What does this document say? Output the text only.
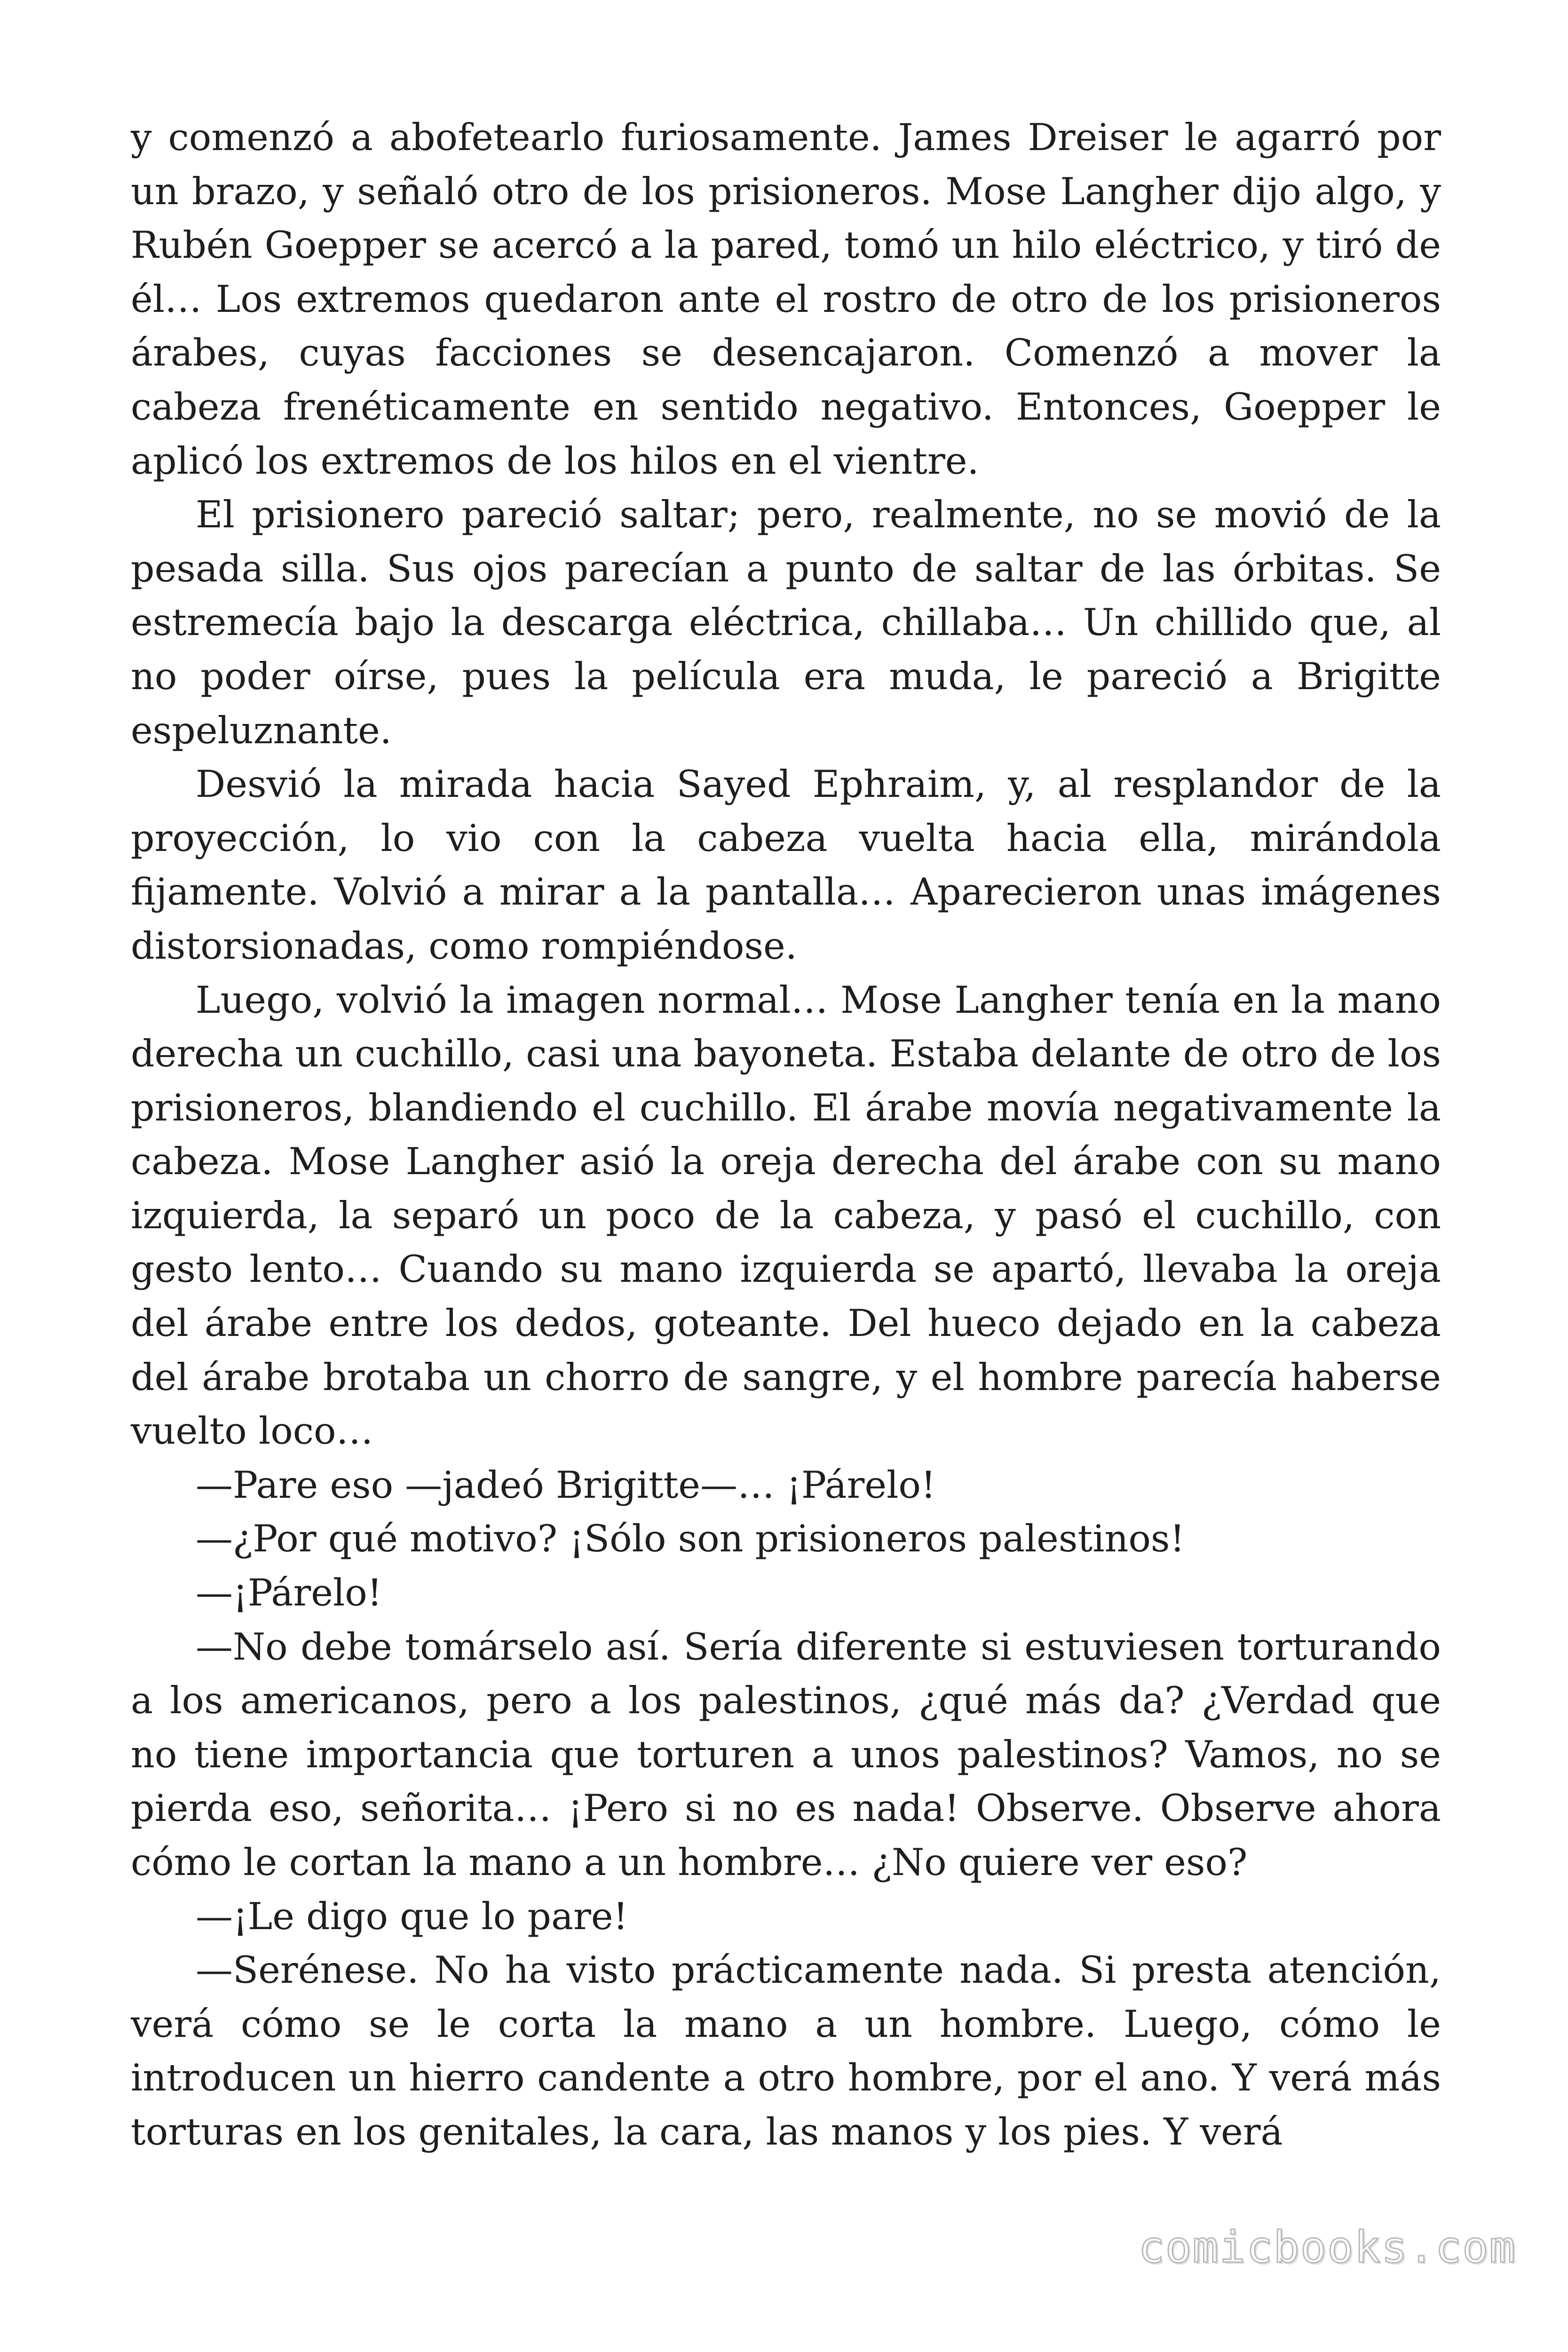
y comenzó a abofetearlo furiosamente. James Dreiser le agarró por un brazo, y señaló otro de los prisioneros. Mose Langher dijo algo, y Rubén Goepper se acercó a la pared, tomó un hilo eléctrico, y tiró de él… Los extremos quedaron ante el rostro de otro de los prisioneros árabes, cuyas facciones se desencajaron. Comenzó a mover la cabeza frenéticamente en sentido negativo. Entonces, Goepper le aplicó los extremos de los hilos en el vientre.

El prisionero pareció saltar; pero, realmente, no se movió de la pesada silla. Sus ojos parecían a punto de saltar de las órbitas. Se estremecía bajo la descarga eléctrica, chillaba… Un chillido que, al no poder oírse, pues la película era muda, le pareció a Brigitte espeluznante.

Desvió la mirada hacia Sayed Ephraim, y, al resplandor de la proyección, lo vio con la cabeza vuelta hacia ella, mirándola fijamente. Volvió a mirar a la pantalla… Aparecieron unas imágenes distorsionadas, como rompiéndose.

Luego, volvió la imagen normal… Mose Langher tenía en la mano derecha un cuchillo, casi una bayoneta. Estaba delante de otro de los prisioneros, blandiendo el cuchillo. El árabe movía negativamente la cabeza. Mose Langher asió la oreja derecha del árabe con su mano izquierda, la separó un poco de la cabeza, y pasó el cuchillo, con gesto lento… Cuando su mano izquierda se apartó, llevaba la oreja del árabe entre los dedos, goteante. Del hueco dejado en la cabeza del árabe brotaba un chorro de sangre, y el hombre parecía haberse vuelto loco…

—Pare eso —jadeó Brigitte—… ¡Párelo!

—¿Por qué motivo? ¡Sólo son prisioneros palestinos!

—¡Párelo!

—No debe tomárselo así. Sería diferente si estuviesen torturando a los americanos, pero a los palestinos, ¿qué más da? ¿Verdad que no tiene importancia que torturen a unos palestinos? Vamos, no se pierda eso, señorita… ¡Pero si no es nada! Observe. Observe ahora cómo le cortan la mano a un hombre… ¿No quiere ver eso?

—¡Le digo que lo pare!

—Serénese. No ha visto prácticamente nada. Si presta atención, verá cómo se le corta la mano a un hombre. Luego, cómo le introducen un hierro candente a otro hombre, por el ano. Y verá más torturas en los genitales, la cara, las manos y los pies. Y verá

comicbooks.com
